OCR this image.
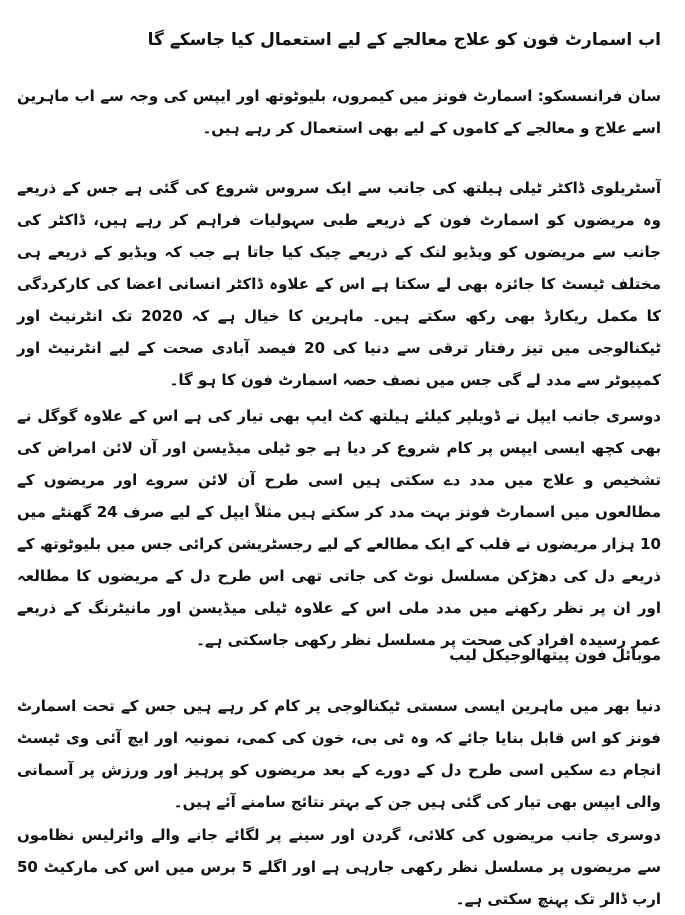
اب اسمارٹ فون کو علاج معالجے کے لیے استعمال کیا جاسکے گا
سان فرانسسکو: اسمارٹ فونز میں کیمروں، بلیوٹوتھ اور ایپس کی وجہ سے اب ماہرین اسے علاج و معالجے کے کاموں کے لیے بھی استعمال کر رہے ہیں۔
آسٹریلوی ڈاکٹر ٹیلی ہیلتھ کی جانب سے ایک سروس شروع کی گئی ہے جس کے ذریعے وہ مریضوں کو اسمارٹ فون کے ذریعے طبی سہولیات فراہم کر رہے ہیں، ڈاکٹر کی جانب سے مریضوں کو ویڈیو لنک کے ذریعے چیک کیا جاتا ہے جب کہ ویڈیو کے ذریعے ہی مختلف ٹیسٹ کا جائزہ بھی لے سکتا ہے اس کے علاوہ ڈاکٹر انسانی اعضا کی کارکردگی کا مکمل ریکارڈ بھی رکھ سکتے ہیں۔ ماہرین کا خیال ہے کہ 2020 تک انٹرنیٹ اور ٹیکنالوجی میں تیز رفتار ترقی سے دنیا کی 20 فیصد آبادی صحت کے لیے انٹرنیٹ اور کمپیوٹر سے مدد لے گی جس میں نصف حصہ اسمارٹ فون کا ہو گا۔
دوسری جانب ایپل نے ڈویلپر کیلئے ہیلتھ کٹ ایپ بھی تیار کی ہے اس کے علاوہ گوگل نے بھی کچھ ایسی ایپس پر کام شروع کر دیا ہے جو ٹیلی میڈیسن اور آن لائن امراض کی تشخیص و علاج میں مدد دے سکتی ہیں اسی طرح آن لائن سروے اور مریضوں کے مطالعوں میں اسمارٹ فونز بہت مدد کر سکتے ہیں مثلاً ایپل کے لیے صرف 24 گھنٹے میں 10 ہزار مریضوں نے قلب کے ایک مطالعے کے لیے رجسٹریشن کرائی جس میں بلیوٹوتھ کے ذریعے دل کی دھڑکن مسلسل نوٹ کی جاتی تھی اس طرح دل کے مریضوں کا مطالعہ اور ان پر نظر رکھنے میں مدد ملی اس کے علاوہ ٹیلی میڈیسن اور مانیٹرنگ کے ذریعے عمر رسیدہ افراد کی صحت پر مسلسل نظر رکھی جاسکتی ہے۔
موبائل فون پیتھالوجیکل لیب
دنیا بھر میں ماہرین ایسی سستی ٹیکنالوجی پر کام کر رہے ہیں جس کے تحت اسمارٹ فونز کو اس قابل بنایا جائے کہ وہ ٹی بی، خون کی کمی، نمونیہ اور ایچ آئی وی ٹیسٹ انجام دے سکیں اسی طرح دل کے دورے کے بعد مریضوں کو پرہیز اور ورزش پر آسمانی والی ایپس بھی تیار کی گئی ہیں جن کے بہتر نتائج سامنے آئے ہیں۔
دوسری جانب مریضوں کی کلائی، گردن اور سینے پر لگائے جانے والے وائرلیس نظاموں سے مریضوں پر مسلسل نظر رکھی جارہی ہے اور اگلے 5 برس میں اس کی مارکیٹ 50 ارب ڈالر تک پہنچ سکتی ہے۔
